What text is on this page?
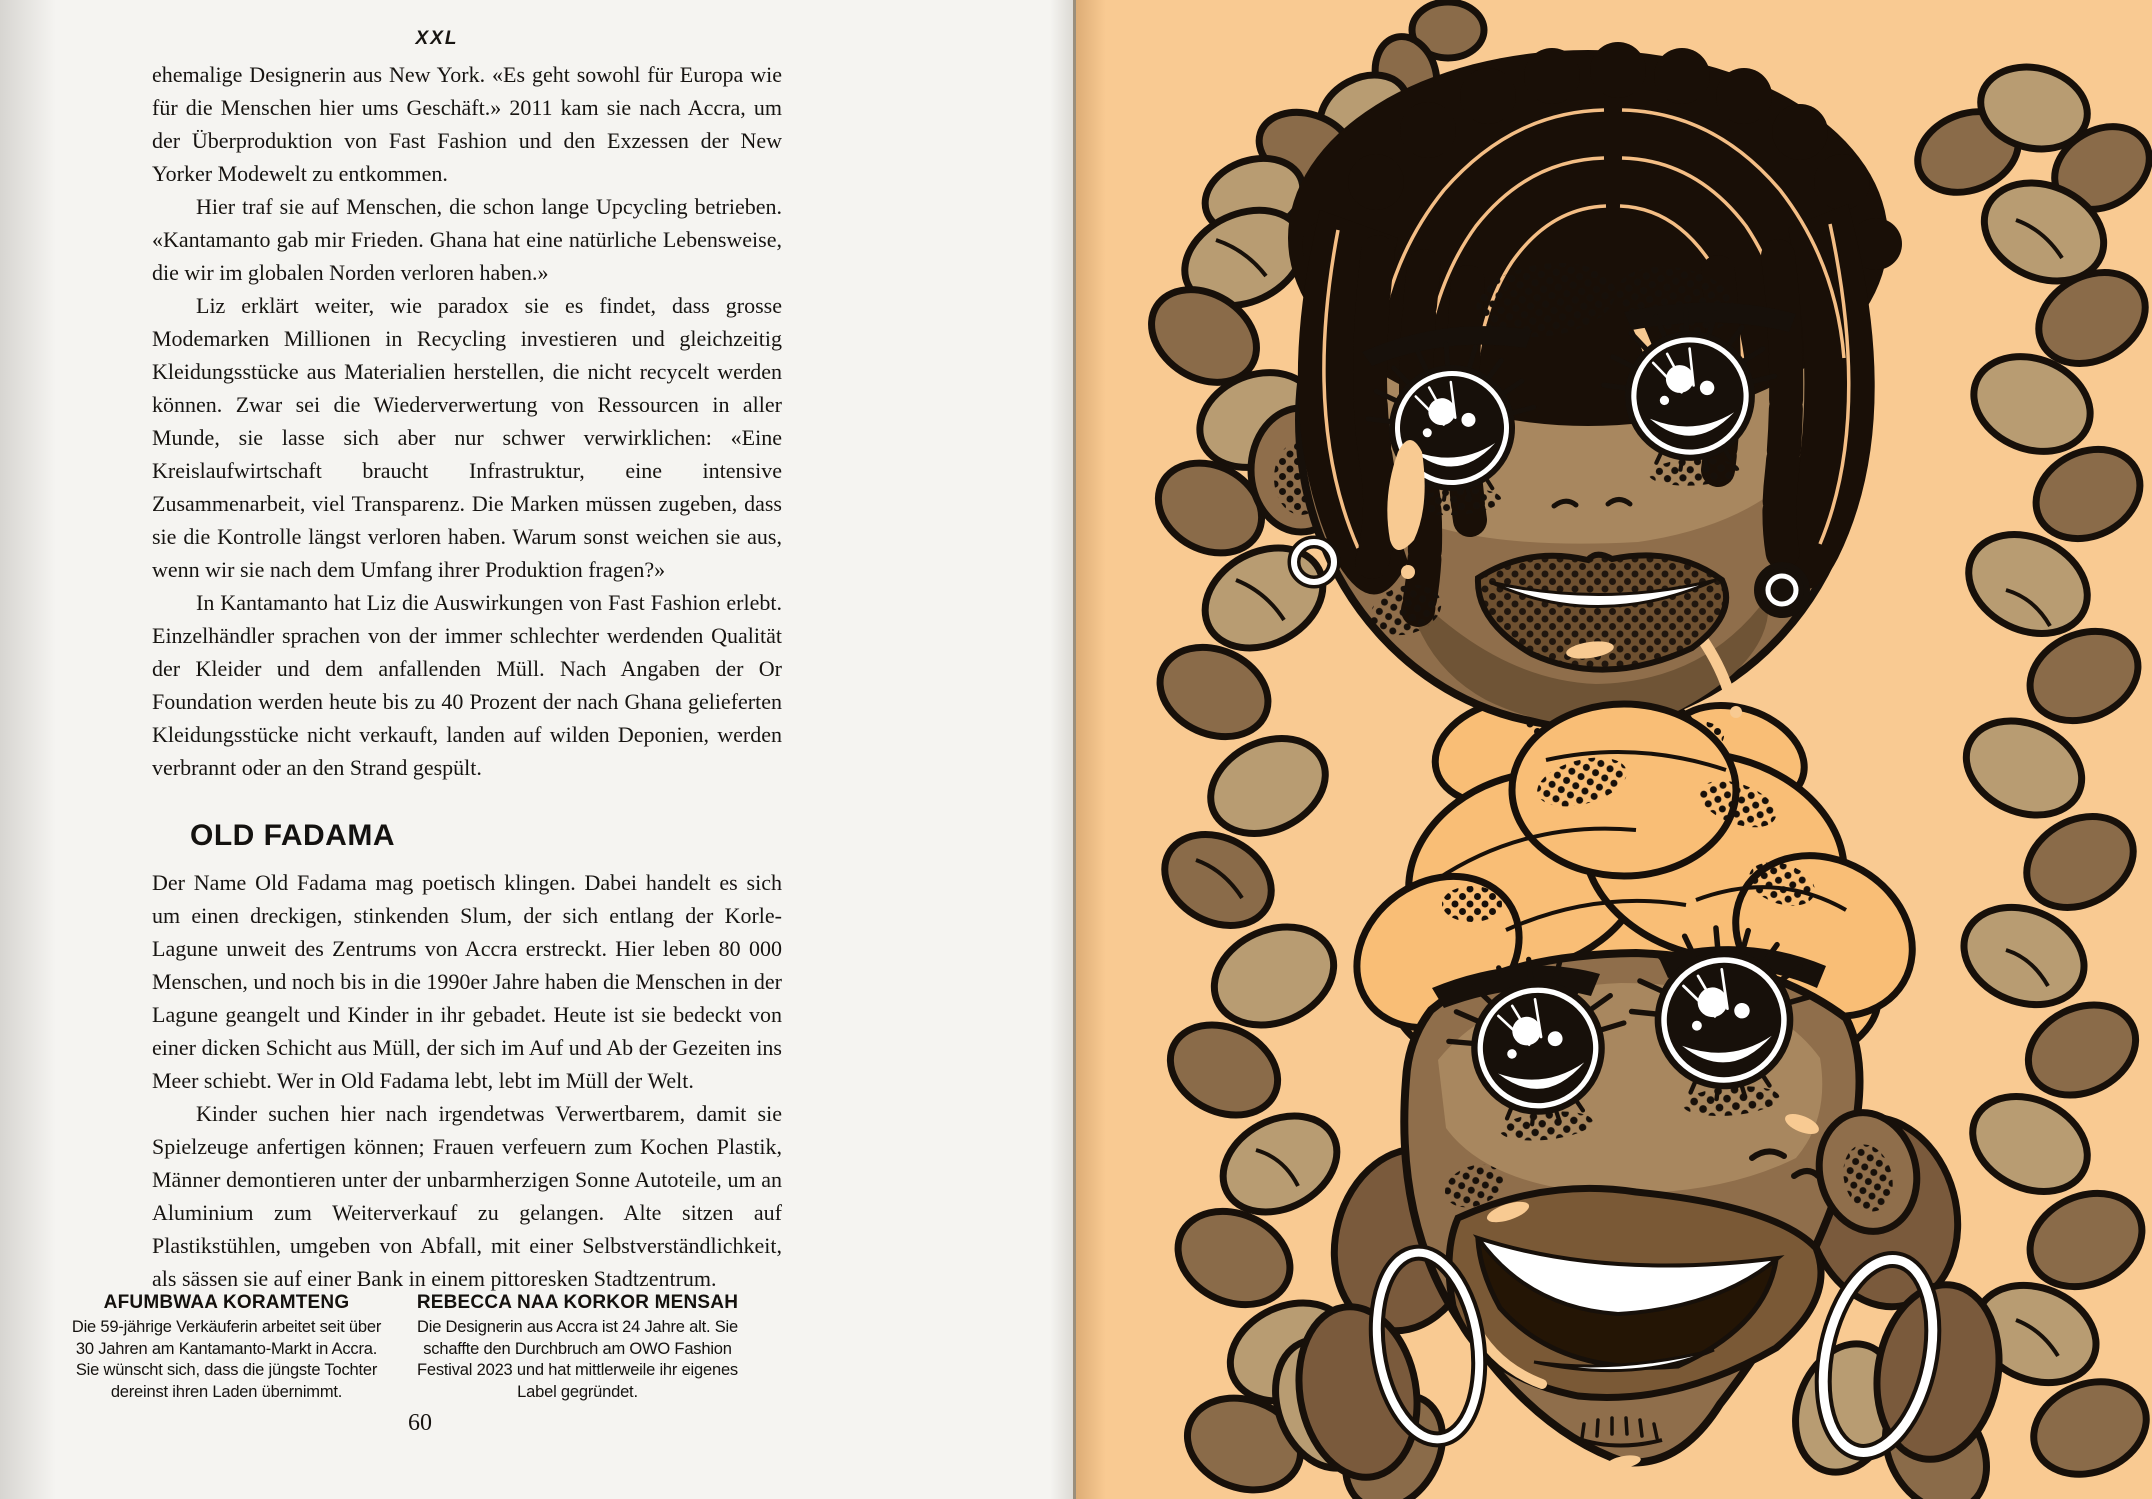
XXL

ehemalige Designerin aus New York. «Es geht sowohl für Europa wie für die Menschen hier ums Geschäft.» 2011 kam sie nach Accra, um der Überproduktion von Fast Fashion und den Exzessen der New Yorker Modewelt zu entkommen.

Hier traf sie auf Menschen, die schon lange Upcycling betrieben. «Kantamanto gab mir Frieden. Ghana hat eine natürliche Lebensweise, die wir im globalen Norden verloren haben.»

Liz erklärt weiter, wie paradox sie es findet, dass grosse Modemarken Millionen in Recycling investieren und gleichzeitig Kleidungsstücke aus Materialien herstellen, die nicht recycelt werden können. Zwar sei die Wiederverwertung von Ressourcen in aller Munde, sie lasse sich aber nur schwer verwirklichen: «Eine Kreislaufwirtschaft braucht Infrastruktur, eine intensive Zusammenarbeit, viel Transparenz. Die Marken müssen zugeben, dass sie die Kontrolle längst verloren haben. Warum sonst weichen sie aus, wenn wir sie nach dem Umfang ihrer Produktion fragen?»

In Kantamanto hat Liz die Auswirkungen von Fast Fashion erlebt. Einzelhändler sprachen von der immer schlechter werdenden Qualität der Kleider und dem anfallenden Müll. Nach Angaben der Or Foundation werden heute bis zu 40 Prozent der nach Ghana gelieferten Kleidungsstücke nicht verkauft, landen auf wilden Deponien, werden verbrannt oder an den Strand gespült.

OLD FADAMA

Der Name Old Fadama mag poetisch klingen. Dabei handelt es sich um einen dreckigen, stinkenden Slum, der sich entlang der Korle-Lagune unweit des Zentrums von Accra erstreckt. Hier leben 80 000 Menschen, und noch bis in die 1990er Jahre haben die Menschen in der Lagune geangelt und Kinder in ihr gebadet. Heute ist sie bedeckt von einer dicken Schicht aus Müll, der sich im Auf und Ab der Gezeiten ins Meer schiebt. Wer in Old Fadama lebt, lebt im Müll der Welt.

Kinder suchen hier nach irgendetwas Verwertbarem, damit sie Spielzeuge anfertigen können; Frauen verfeuern zum Kochen Plastik, Männer demontieren unter der unbarmherzigen Sonne Autoteile, um an Aluminium zum Weiterverkauf zu gelangen. Alte sitzen auf Plastikstühlen, umgeben von Abfall, mit einer Selbstverständlichkeit, als sässen sie auf einer Bank in einem pittoresken Stadtzentrum.

AFUMBWAA KORAMTENG
Die 59-jährige Verkäuferin arbeitet seit über 30 Jahren am Kantamanto-Markt in Accra. Sie wünscht sich, dass die jüngste Tochter dereinst ihren Laden übernimmt.
REBECCA NAA KORKOR MENSAH
Die Designerin aus Accra ist 24 Jahre alt. Sie schaffte den Durchbruch am OWO Fashion Festival 2023 und hat mittlerweile ihr eigenes Label gegründet.
60
